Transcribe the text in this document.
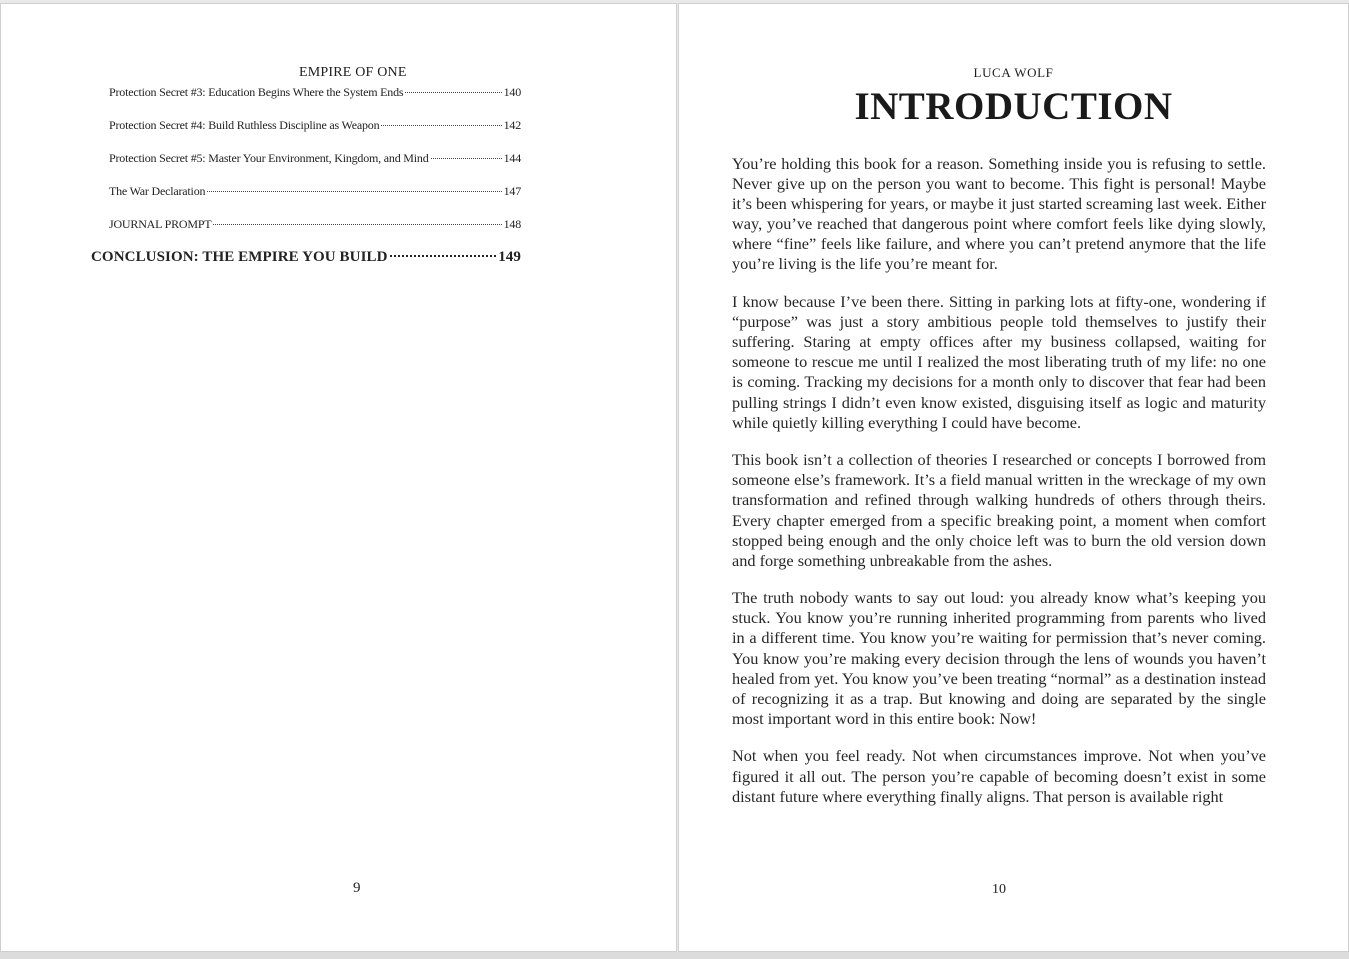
EMPIRE OF ONE
Protection Secret #3: Education Begins Where the System Ends	140
Protection Secret #4: Build Ruthless Discipline as Weapon	142
Protection Secret #5: Master Your Environment, Kingdom, and Mind	144
The War Declaration	147
JOURNAL PROMPT	148
CONCLUSION: THE EMPIRE YOU BUILD	149
9
LUCA WOLF
INTRODUCTION

You’re holding this book for a reason. Something inside you is refusing to settle. Never give up on the person you want to become. This fight is personal! Maybe it’s been whispering for years, or maybe it just started screaming last week. Either way, you’ve reached that dangerous point where comfort feels like dying slowly, where “fine” feels like failure, and where you can’t pretend anymore that the life you’re living is the life you’re meant for.

I know because I’ve been there. Sitting in parking lots at fifty-one, wondering if “purpose” was just a story ambitious people told themselves to justify their suffering. Staring at empty offices after my business collapsed, waiting for someone to rescue me until I realized the most liberating truth of my life: no one is coming. Tracking my decisions for a month only to discover that fear had been pulling strings I didn’t even know existed, disguising itself as logic and maturity while quietly killing everything I could have become.

This book isn’t a collection of theories I researched or concepts I borrowed from someone else’s framework. It’s a field manual written in the wreckage of my own transformation and refined through walking hundreds of others through theirs. Every chapter emerged from a specific breaking point, a moment when comfort stopped being enough and the only choice left was to burn the old version down and forge something unbreakable from the ashes.

The truth nobody wants to say out loud: you already know what’s keeping you stuck. You know you’re running inherited programming from parents who lived in a different time. You know you’re waiting for permission that’s never coming. You know you’re making every decision through the lens of wounds you haven’t healed from yet. You know you’ve been treating “normal” as a destination instead of recognizing it as a trap. But knowing and doing are separated by the single most important word in this entire book: Now!

Not when you feel ready. Not when circumstances improve. Not when you’ve figured it all out. The person you’re capable of becoming doesn’t exist in some distant future where everything finally aligns. That person is available right

10
